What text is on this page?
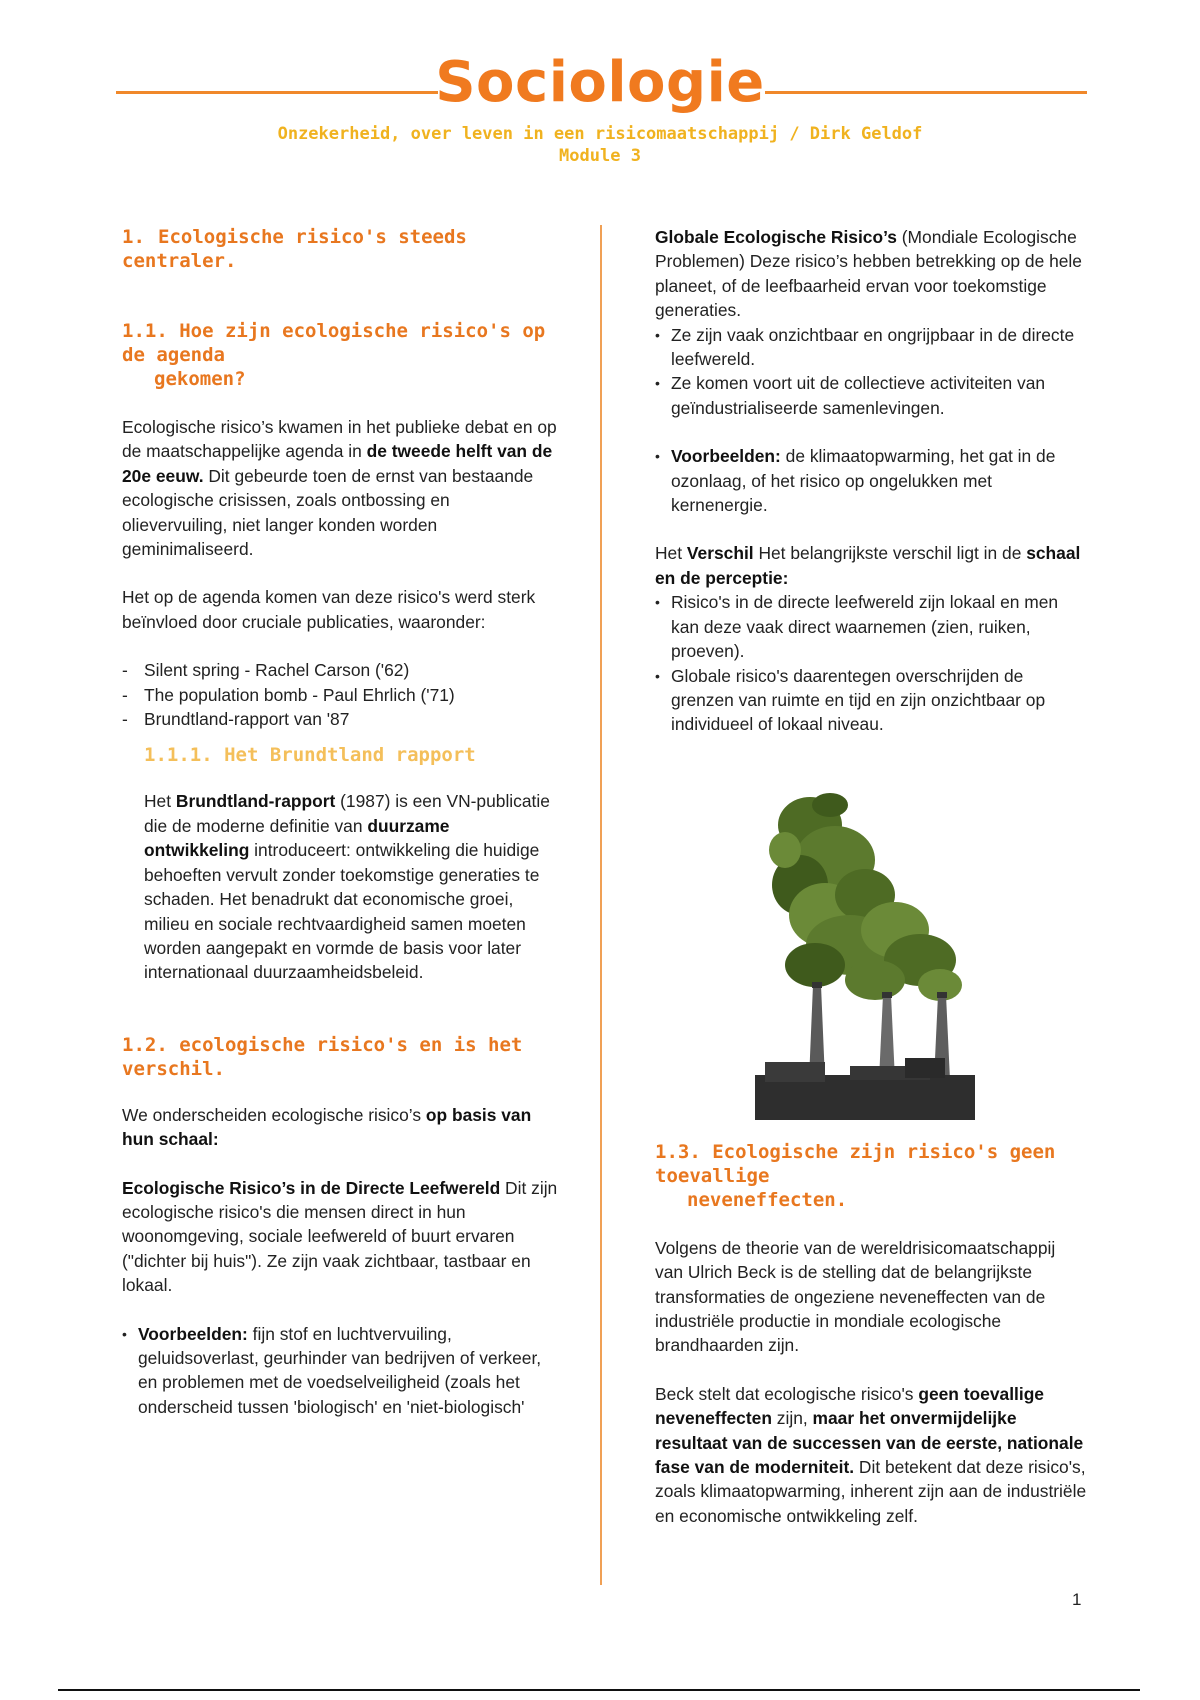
Sociologie
Onzekerheid, over leven in een risicomaatschappij / Dirk Geldof
Module 3
1. Ecologische risico's steeds centraler.
1.1. Hoe zijn ecologische risico's op de agenda
gekomen?

Ecologische risico’s kwamen in het publieke debat en op de maatschappelijke agenda in de tweede helft van de 20e eeuw. Dit gebeurde toen de ernst van bestaande ecologische crisissen, zoals ontbossing en olievervuiling, niet langer konden worden geminimaliseerd.

Het op de agenda komen van deze risico's werd sterk beïnvloed door cruciale publicaties, waaronder:

- Silent spring - Rachel Carson ('62)
- The population bomb - Paul Ehrlich ('71)
- Brundtland-rapport van '87
1.1.1. Het Brundtland rapport

Het Brundtland-rapport (1987) is een VN-publicatie die de moderne definitie van duurzame ontwikkeling introduceert: ontwikkeling die huidige behoeften vervult zonder toekomstige generaties te schaden. Het benadrukt dat economische groei, milieu en sociale rechtvaardigheid samen moeten worden aangepakt en vormde de basis voor later internationaal duurzaamheidsbeleid.

1.2. ecologische risico's en is het verschil.

We onderscheiden ecologische risico’s op basis van hun schaal:

Ecologische Risico’s in de Directe Leefwereld Dit zijn ecologische risico's die mensen direct in hun woonomgeving, sociale leefwereld of buurt ervaren ("dichter bij huis"). Ze zijn vaak zichtbaar, tastbaar en lokaal.

• Voorbeelden: fijn stof en luchtvervuiling, geluidsoverlast, geurhinder van bedrijven of verkeer, en problemen met de voedselveiligheid (zoals het onderscheid tussen 'biologisch' en 'niet-biologisch'

Globale Ecologische Risico’s (Mondiale Ecologische Problemen) Deze risico’s hebben betrekking op de hele planeet, of de leefbaarheid ervan voor toekomstige generaties.

• Ze zijn vaak onzichtbaar en ongrijpbaar in de directe leefwereld.
• Ze komen voort uit de collectieve activiteiten van geïndustrialiseerde samenlevingen.
• Voorbeelden: de klimaatopwarming, het gat in de ozonlaag, of het risico op ongelukken met kernenergie.

Het Verschil Het belangrijkste verschil ligt in de schaal en de perceptie:

• Risico's in de directe leefwereld zijn lokaal en men kan deze vaak direct waarnemen (zien, ruiken, proeven).
• Globale risico's daarentegen overschrijden de grenzen van ruimte en tijd en zijn onzichtbaar op individueel of lokaal niveau.
1.3. Ecologische zijn risico's geen toevallige
neveneffecten.

Volgens de theorie van de wereldrisicomaatschappij van Ulrich Beck is de stelling dat de belangrijkste transformaties de ongeziene neveneffecten van de industriële productie in mondiale ecologische brandhaarden zijn.

Beck stelt dat ecologische risico's geen toevallige neveneffecten zijn, maar het onvermijdelijke resultaat van de successen van de eerste, nationale fase van de moderniteit. Dit betekent dat deze risico's, zoals klimaatopwarming, inherent zijn aan de industriële en economische ontwikkeling zelf.

1
